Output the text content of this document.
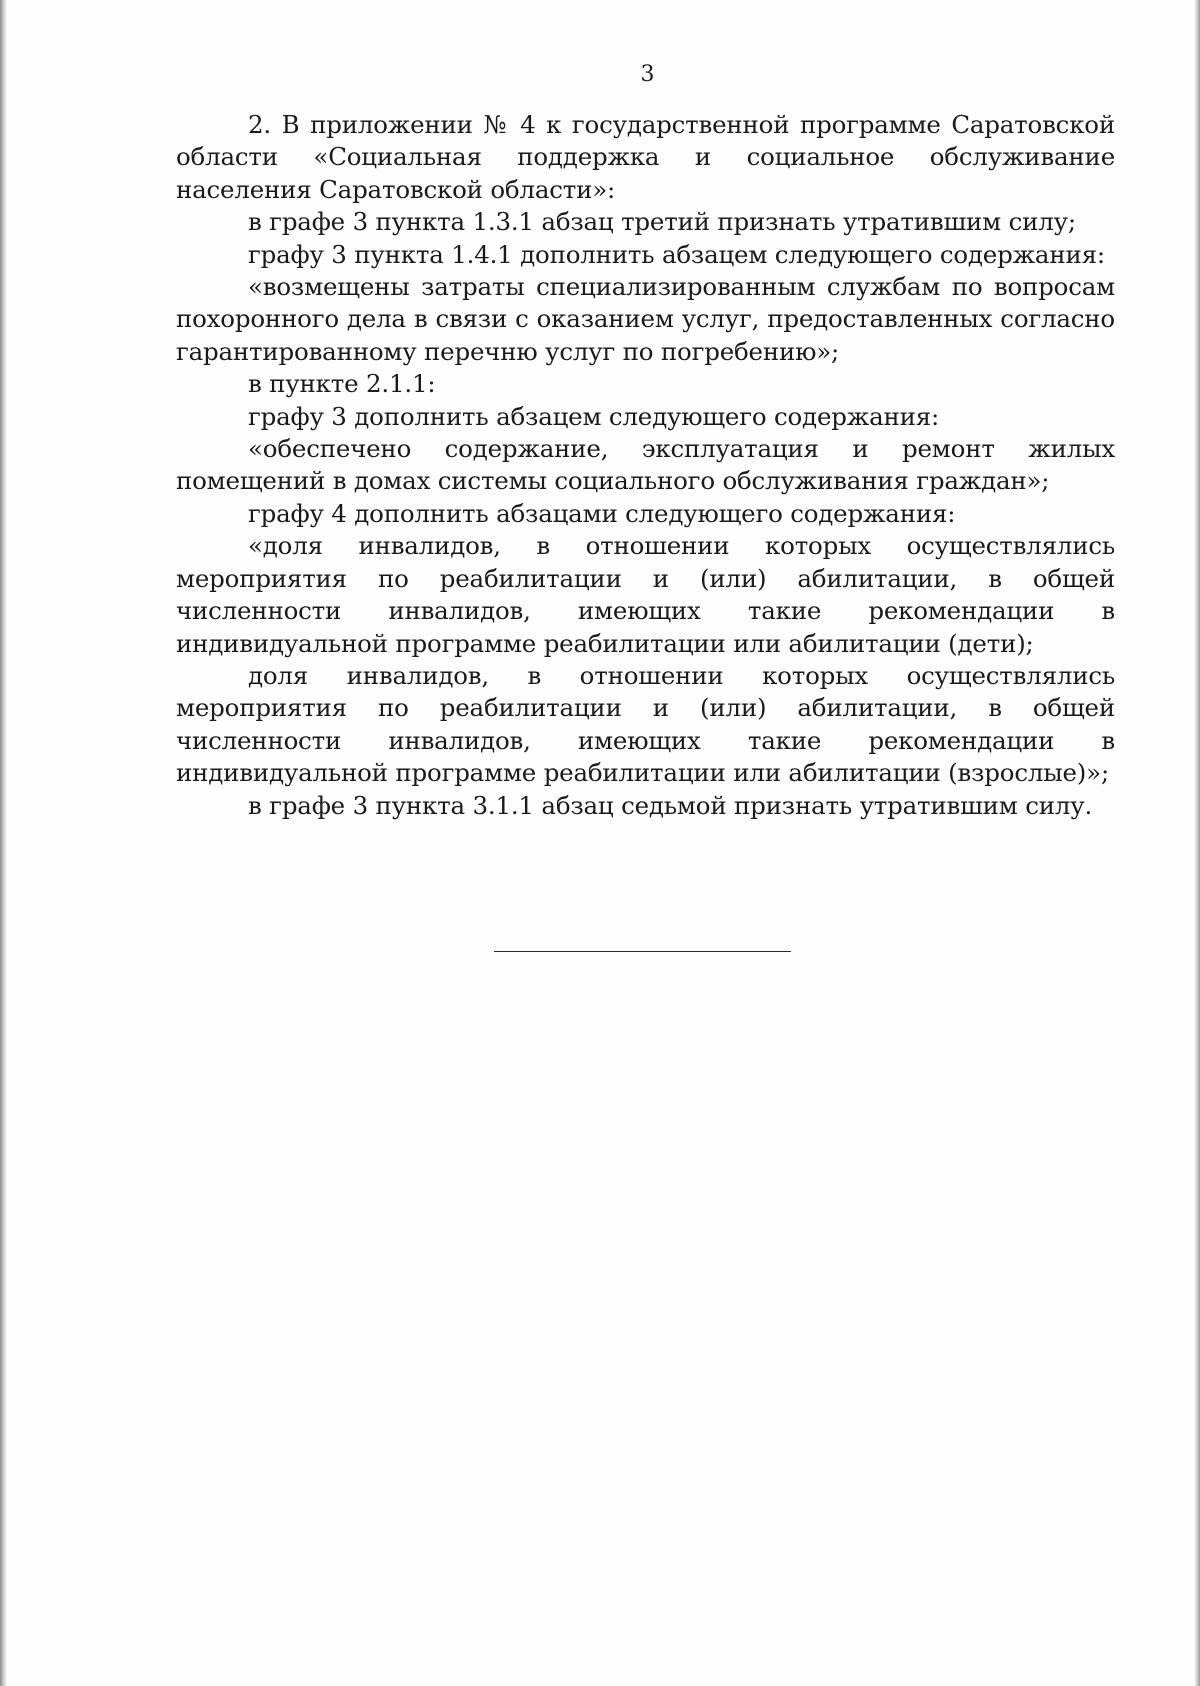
3

2. В приложении № 4 к государственной программе Саратовской области «Социальная поддержка и социальное обслуживание населения Саратовской области»:

в графе 3 пункта 1.3.1 абзац третий признать утратившим силу;

графу 3 пункта 1.4.1 дополнить абзацем следующего содержания:

«возмещены затраты специализированным службам по вопросам похоронного дела в связи с оказанием услуг, предоставленных согласно гарантированному перечню услуг по погребению»;

в пункте 2.1.1:

графу 3 дополнить абзацем следующего содержания:

«обеспечено содержание, эксплуатация и ремонт жилых помещений в домах системы социального обслуживания граждан»;

графу 4 дополнить абзацами следующего содержания:

«доля инвалидов, в отношении которых осуществлялись мероприятия по реабилитации и (или) абилитации, в общей численности инвалидов, имеющих такие рекомендации в индивидуальной программе реабилитации или абилитации (дети);

доля инвалидов, в отношении которых осуществлялись мероприятия по реабилитации и (или) абилитации, в общей численности инвалидов, имеющих такие рекомендации в индивидуальной программе реабилитации или абилитации (взрослые)»;

в графе 3 пункта 3.1.1 абзац седьмой признать утратившим силу.
